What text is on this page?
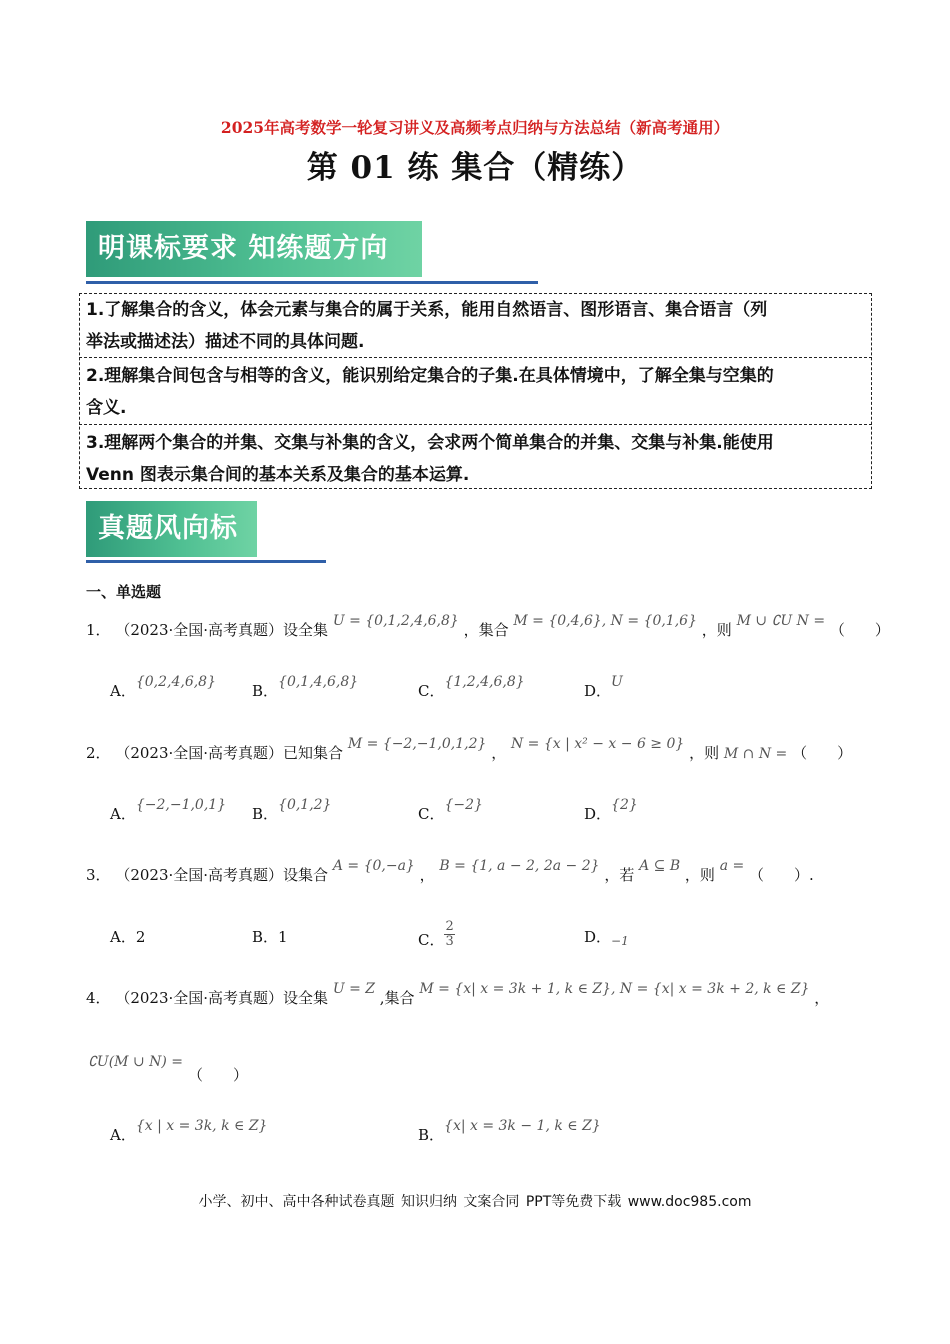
2025年高考数学一轮复习讲义及高频考点归纳与方法总结（新高考通用）
第 01 练 集合（精练）
明课标要求 知练题方向
1.了解集合的含义，体会元素与集合的属于关系，能用自然语言、图形语言、集合语言（列
举法或描述法）描述不同的具体问题.
2.理解集合间包含与相等的含义，能识别给定集合的子集.在具体情境中，了解全集与空集的
含义.
3.理解两个集合的并集、交集与补集的含义，会求两个简单集合的并集、交集与补集.能使用
Venn 图表示集合间的基本关系及集合的基本运算.
真题风向标
一、单选题
1． （2023·全国·高考真题）设全集 U = {0,1,2,4,6,8} ，集合 M = {0,4,6}, N = {0,1,6} ，则 M ∪ ∁U N = （　　）
A．{0,2,4,6,8} B．{0,1,4,6,8}	C．{1,2,4,6,8}	D．U
2． （2023·全国·高考真题）已知集合 M = {−2,−1,0,1,2} ， N = {x | x² − x − 6 ≥ 0} ，则 M ∩ N = （　　）
A．{−2,−1,0,1} B．{0,1,2}	C．{−2}	D．{2}
3． （2023·全国·高考真题）设集合 A = {0,−a} ， B = {1, a − 2, 2a − 2} ，若 A ⊆ B ，则 a = （　　）.
A．2	B．1	C． $\frac{2}{3}$	D．$_{-1}$
4． （2023·全国·高考真题）设全集 U = Z ,集合 M = {x| x = 3k + 1, k ∈ Z}, N = {x| x = 3k + 2, k ∈ Z} ，
∁U(M ∪ N) =
（　　）
A．{x | x = 3k, k ∈ Z}	B．{x| x = 3k − 1, k ∈ Z}
小学、初中、高中各种试卷真题 知识归纳 文案合同 PPT等免费下载 www.doc985.com
